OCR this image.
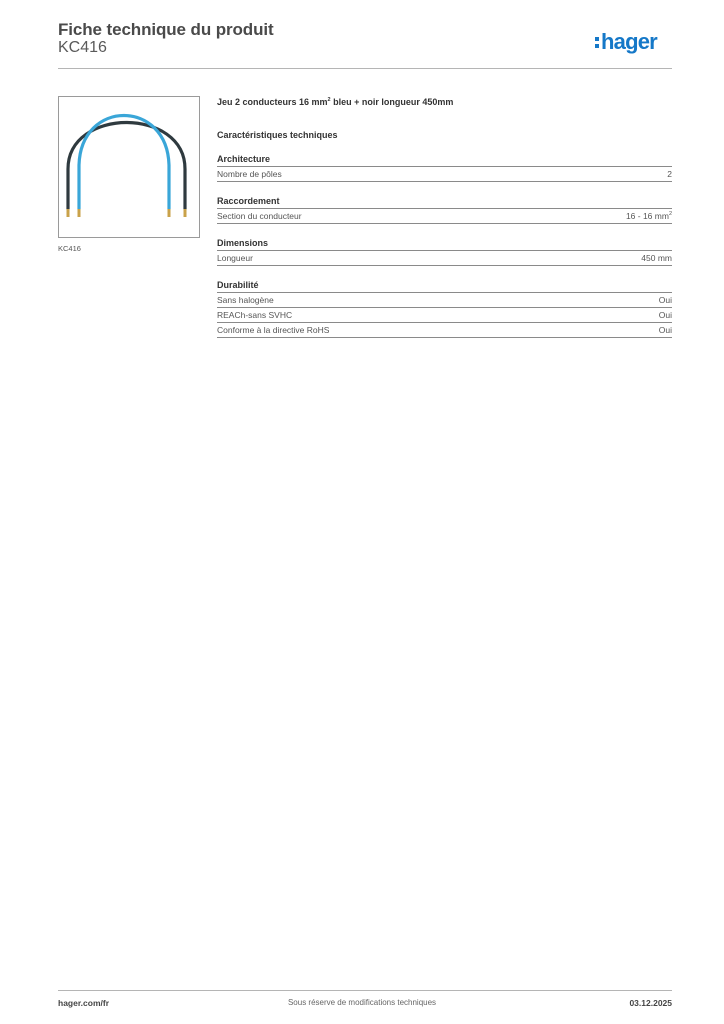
Fiche technique du produit
KC416	hager
KC416
Jeu 2 conducteurs 16 $mm^2$ bleu + noir longueur 450mm
Caractéristiques techniques
Architecture
Nombre de pôles	2
Raccordement
Section du conducteur	16 - 16 $mm^2$
Dimensions
Longueur	450 mm
Durabilité
Sans halogène	Oui
REACh-sans SVHC	Oui
Conforme à la directive RoHS	Oui
hager.com/fr	Sous réserve de modifications techniques	03.12.2025
